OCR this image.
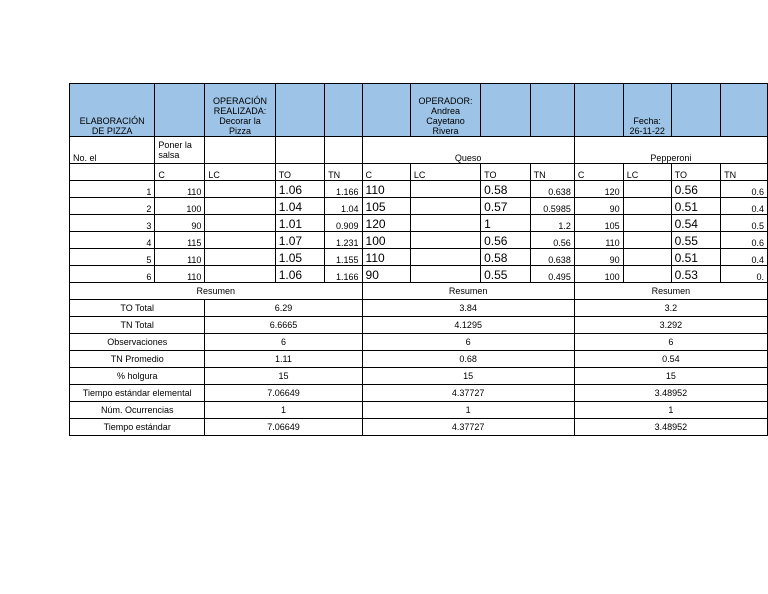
ELABORACIÓN DE PIZZA		OPERACIÓN REALIZADA: Decorar la Pizza				OPERADOR: Andrea Cayetano Rivera				Fecha: 26-11-22		
No. el	Poner la salsa				Queso				Pepperoni			
	C	LC	TO	TN	C	LC	TO	TN	C	LC	TO	TN
1	110		1.06	1.166	110		0.58	0.638	120		0.56	0.6
2	100		1.04	1.04	105		0.57	0.5985	90		0.51	0.4
3	90		1.01	0.909	120		1	1.2	105		0.54	0.5
4	115		1.07	1.231	100		0.56	0.56	110		0.55	0.6
5	110		1.05	1.155	110		0.58	0.638	90		0.51	0.4
6	110		1.06	1.166	90		0.55	0.495	100		0.53	0.
Resumen					Resumen				Resumen			
TO Total		6.29			3.84				3.2			
TN Total		6.6665			4.1295				3.292			
Observaciones		6			6				6			
TN Promedio		1.11			0.68				0.54			
% holgura		15			15				15			
Tiempo estándar elemental		7.06649			4.37727				3.48952			
Núm. Ocurrencias		1			1				1			
Tiempo estándar		7.06649			4.37727				3.48952			
